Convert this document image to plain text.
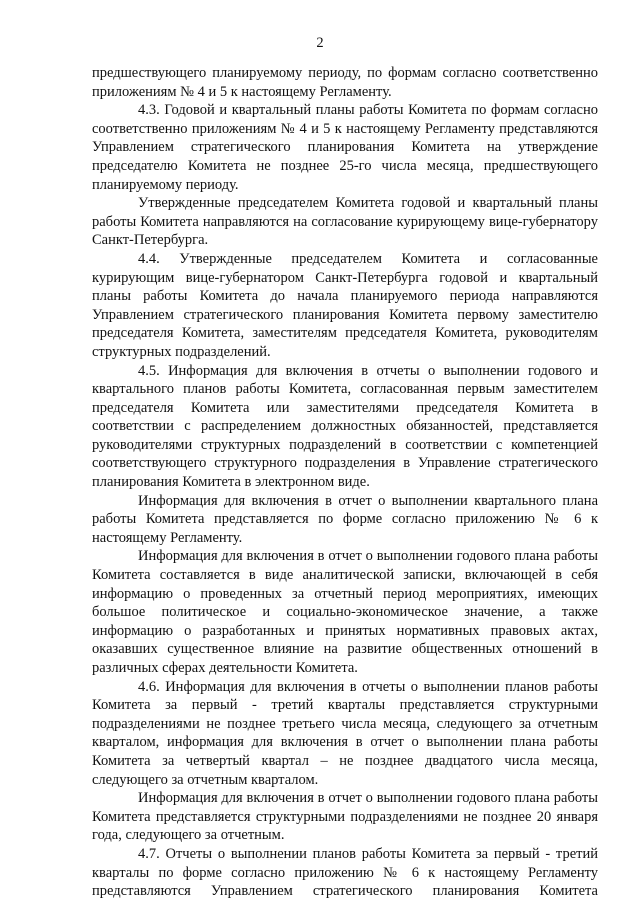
2

предшествующего планируемому периоду, по формам согласно соответственно приложениям № 4 и 5 к настоящему Регламенту.

4.3. Годовой и квартальный планы работы Комитета по формам согласно соответственно приложениям № 4 и 5 к настоящему Регламенту представляются Управлением стратегического планирования Комитета на утверждение председателю Комитета не позднее 25-го числа месяца, предшествующего планируемому периоду.

Утвержденные председателем Комитета годовой и квартальный планы работы Комитета направляются на согласование курирующему вице-губернатору Санкт-Петербурга.

4.4. Утвержденные председателем Комитета и согласованные курирующим вице-губернатором Санкт-Петербурга годовой и квартальный планы работы Комитета до начала планируемого периода направляются Управлением стратегического планирования Комитета первому заместителю председателя Комитета, заместителям председателя Комитета, руководителям структурных подразделений.

4.5. Информация для включения в отчеты о выполнении годового и квартального планов работы Комитета, согласованная первым заместителем председателя Комитета или заместителями председателя Комитета в соответствии с распределением должностных обязанностей, представляется руководителями структурных подразделений в соответствии с компетенцией соответствующего структурного подразделения в Управление стратегического планирования Комитета в электронном виде.

Информация для включения в отчет о выполнении квартального плана работы Комитета представляется по форме согласно приложению № 6 к настоящему Регламенту.

Информация для включения в отчет о выполнении годового плана работы Комитета составляется в виде аналитической записки, включающей в себя информацию о проведенных за отчетный период мероприятиях, имеющих большое политическое и социально-экономическое значение, а также информацию о разработанных и принятых нормативных правовых актах, оказавших существенное влияние на развитие общественных отношений в различных сферах деятельности Комитета.

4.6. Информация для включения в отчеты о выполнении планов работы Комитета за первый - третий кварталы представляется структурными подразделениями не позднее третьего числа месяца, следующего за отчетным кварталом, информация для включения в отчет о выполнении плана работы Комитета за четвертый квартал – не позднее двадцатого числа месяца, следующего за отчетным кварталом.

Информация для включения в отчет о выполнении годового плана работы Комитета представляется структурными подразделениями не позднее 20 января года, следующего за отчетным.

4.7. Отчеты о выполнении планов работы Комитета за первый - третий кварталы по форме согласно приложению № 6 к настоящему Регламенту представляются Управлением стратегического планирования Комитета
